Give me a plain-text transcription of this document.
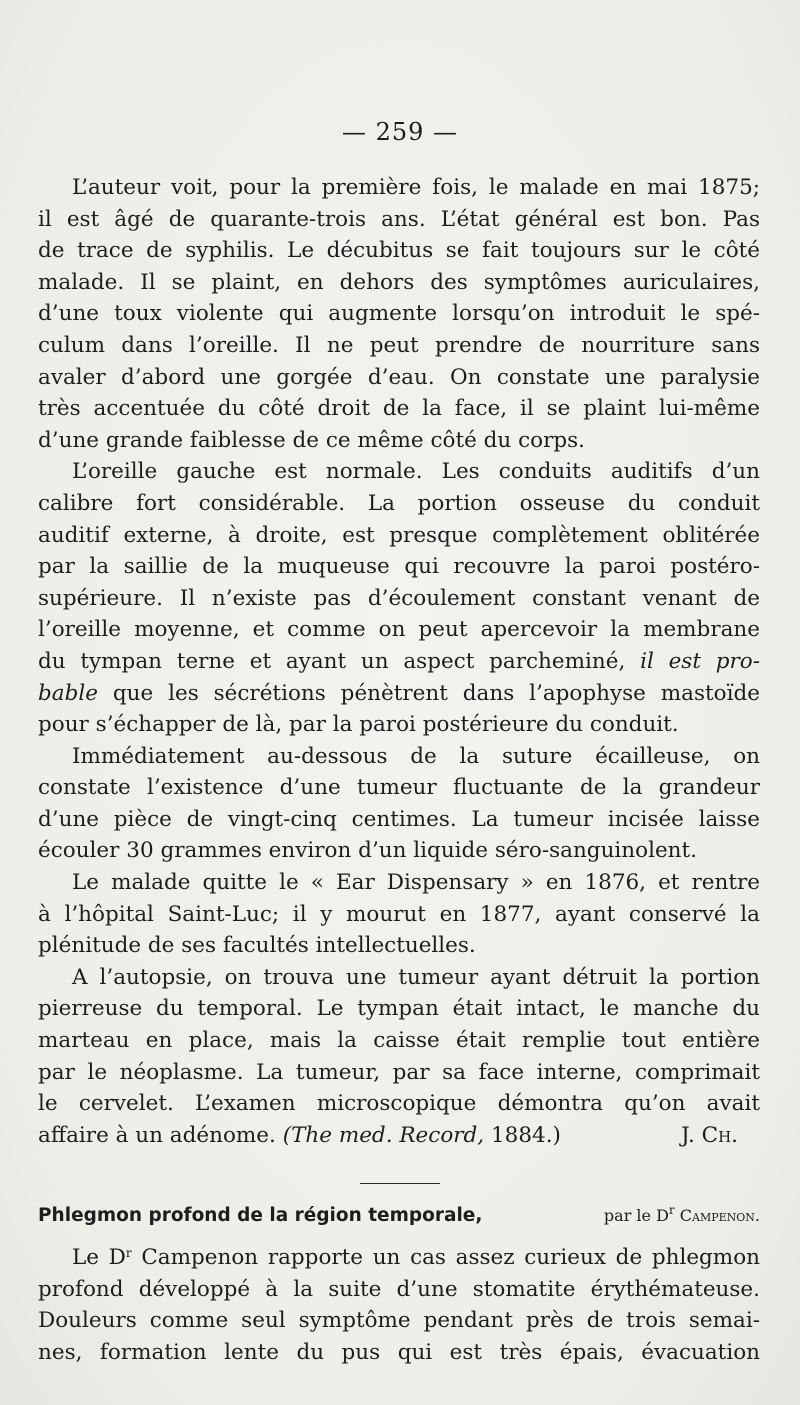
— 259 —
L’auteur voit, pour la première fois, le malade en mai 1875;
il est âgé de quarante-trois ans. L’état général est bon. Pas
de trace de syphilis. Le décubitus se fait toujours sur le côté
malade. Il se plaint, en dehors des symptômes auriculaires,
d’une toux violente qui augmente lorsqu’on introduit le spé-
culum dans l’oreille. Il ne peut prendre de nourriture sans
avaler d’abord une gorgée d’eau. On constate une paralysie
très accentuée du côté droit de la face, il se plaint lui-même
d’une grande faiblesse de ce même côté du corps.
L’oreille gauche est normale. Les conduits auditifs d’un
calibre fort considérable. La portion osseuse du conduit
auditif externe, à droite, est presque complètement oblitérée
par la saillie de la muqueuse qui recouvre la paroi postéro-
supérieure. Il n’existe pas d’écoulement constant venant de
l’oreille moyenne, et comme on peut apercevoir la membrane
du tympan terne et ayant un aspect parcheminé, il est pro-
bable que les sécrétions pénètrent dans l’apophyse mastoïde
pour s’échapper de là, par la paroi postérieure du conduit.
Immédiatement au-dessous de la suture écailleuse, on
constate l’existence d’une tumeur fluctuante de la grandeur
d’une pièce de vingt-cinq centimes. La tumeur incisée laisse
écouler 30 grammes environ d’un liquide séro-sanguinolent.
Le malade quitte le « Ear Dispensary » en 1876, et rentre
à l’hôpital Saint-Luc; il y mourut en 1877, ayant conservé la
plénitude de ses facultés intellectuelles.
A l’autopsie, on trouva une tumeur ayant détruit la portion
pierreuse du temporal. Le tympan était intact, le manche du
marteau en place, mais la caisse était remplie tout entière
par le néoplasme. La tumeur, par sa face interne, comprimait
le cervelet. L’examen microscopique démontra qu’on avait
affaire à un adénome. (The med. Record, 1884.)	J. Ch.
Phlegmon profond de la région temporale,	par le $D^r$ Campenon.
Le $D^r$ Campenon rapporte un cas assez curieux de phlegmon
profond développé à la suite d’une stomatite érythémateuse.
Douleurs comme seul symptôme pendant près de trois semai-
nes, formation lente du pus qui est très épais, évacuation
